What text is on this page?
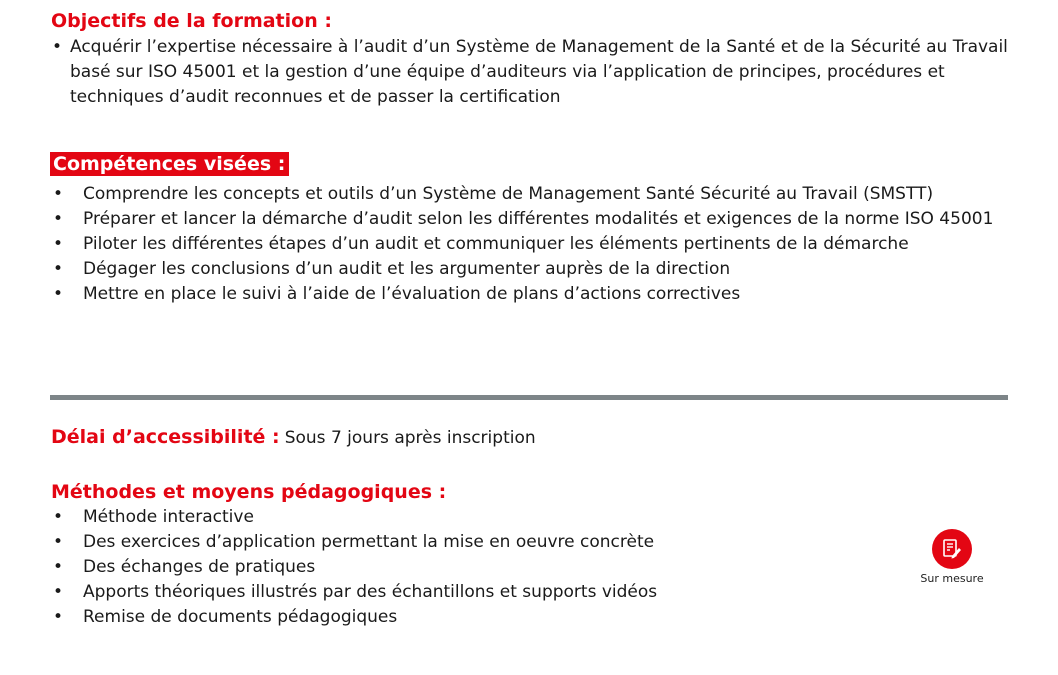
Objectifs de la formation :
• Acquérir l’expertise nécessaire à l’audit d’un Système de Management de la Santé et de la Sécurité au Travail basé sur ISO 45001 et la gestion d’une équipe d’auditeurs via l’application de principes, procédures et techniques d’audit reconnues et de passer la certification
Compétences visées :
• Comprendre les concepts et outils d’un Système de Management Santé Sécurité au Travail (SMSTT)
• Préparer et lancer la démarche d’audit selon les différentes modalités et exigences de la norme ISO 45001
• Piloter les différentes étapes d’un audit et communiquer les éléments pertinents de la démarche
• Dégager les conclusions d’un audit et les argumenter auprès de la direction
• Mettre en place le suivi à l’aide de l’évaluation de plans d’actions correctives
Délai d’accessibilité : Sous 7 jours après inscription
Méthodes et moyens pédagogiques :
• Méthode interactive
• Des exercices d’application permettant la mise en oeuvre concrète
• Des échanges de pratiques
• Apports théoriques illustrés par des échantillons et supports vidéos
• Remise de documents pédagogiques
Sur mesure
